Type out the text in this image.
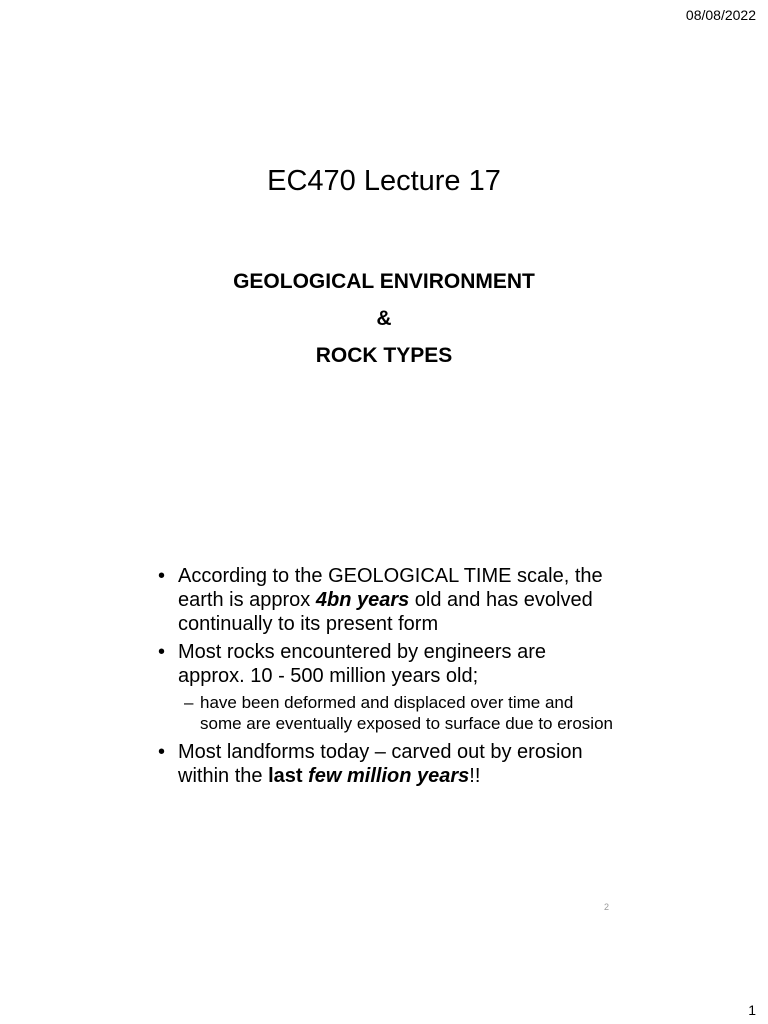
08/08/2022
EC470 Lecture 17
GEOLOGICAL ENVIRONMENT
&
ROCK TYPES
• According to the GEOLOGICAL TIME scale, the earth is approx 4bn years old and has evolved continually to its present form
• Most rocks encountered by engineers are approx. 10 - 500 million years old;
– have been deformed and displaced over time and some are eventually exposed to surface due to erosion
• Most landforms today – carved out by erosion within the last few million years!!
2
1
